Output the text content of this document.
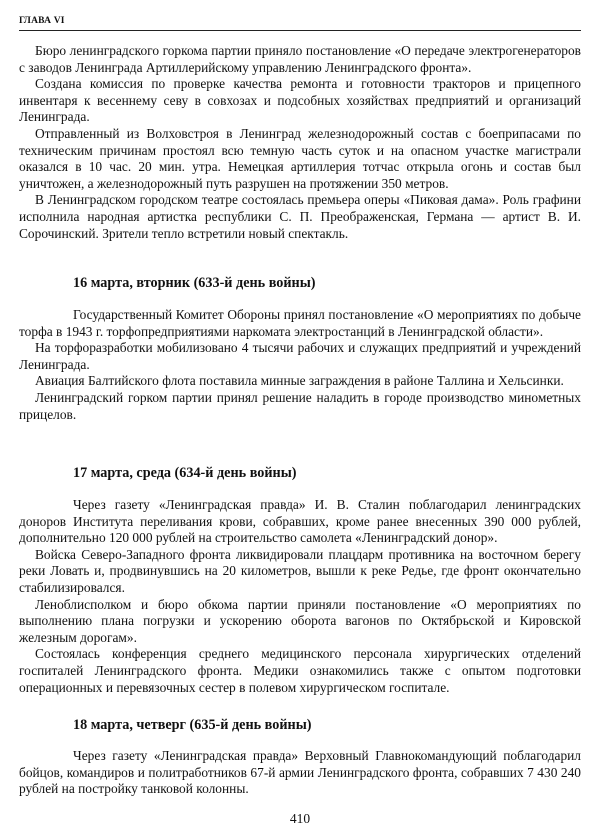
ГЛАВА VI

Бюро ленинградского горкома партии приняло постановление «О передаче электрогенераторов с заводов Ленинграда Артиллерийскому управлению Ленинградского фронта».

Создана комиссия по проверке качества ремонта и готовности тракторов и прицепного инвентаря к весеннему севу в совхозах и подсобных хозяйствах предприятий и организаций Ленинграда.

Отправленный из Волховстроя в Ленинград железнодорожный состав с боеприпасами по техническим причинам простоял всю темную часть суток и на опасном участке магистрали оказался в 10 час. 20 мин. утра. Немецкая артиллерия тотчас открыла огонь и состав был уничтожен, а железнодорожный путь разрушен на протяжении 350 метров.

В Ленинградском городском театре состоялась премьера оперы «Пиковая дама». Роль графини исполнила народная артистка республики С. П. Преображенская, Германа — артист В. И. Сорочинский. Зрители тепло встретили новый спектакль.

16 марта, вторник (633-й день войны)

Государственный Комитет Обороны принял постановление «О мероприятиях по добыче торфа в 1943 г. торфопредприятиями наркомата электростанций в Ленинградской области».

На торфоразработки мобилизовано 4 тысячи рабочих и служащих предприятий и учреждений Ленинграда.

Авиация Балтийского флота поставила минные заграждения в районе Таллина и Хельсинки.

Ленинградский горком партии принял решение наладить в городе производство минометных прицелов.

17 марта, среда (634-й день войны)

Через газету «Ленинградская правда» И. В. Сталин поблагодарил ленинградских доноров Института переливания крови, собравших, кроме ранее внесенных 390 000 рублей, дополнительно 120 000 рублей на строительство самолета «Ленинградский донор».

Войска Северо-Западного фронта ликвидировали плацдарм противника на восточном берегу реки Ловать и, продвинувшись на 20 километров, вышли к реке Редье, где фронт окончательно стабилизировался.

Леноблисполком и бюро обкома партии приняли постановление «О мероприятиях по выполнению плана погрузки и ускорению оборота вагонов по Октябрьской и Кировской железным дорогам».

Состоялась конференция среднего медицинского персонала хирургических отделений госпиталей Ленинградского фронта. Медики ознакомились также с опытом подготовки операционных и перевязочных сестер в полевом хирургическом госпитале.

18 марта, четверг (635-й день войны)

Через газету «Ленинградская правда» Верховный Главнокомандующий поблагодарил бойцов, командиров и политработников 67-й армии Ленинградского фронта, собравших 7 430 240 рублей на постройку танковой колонны.

410
